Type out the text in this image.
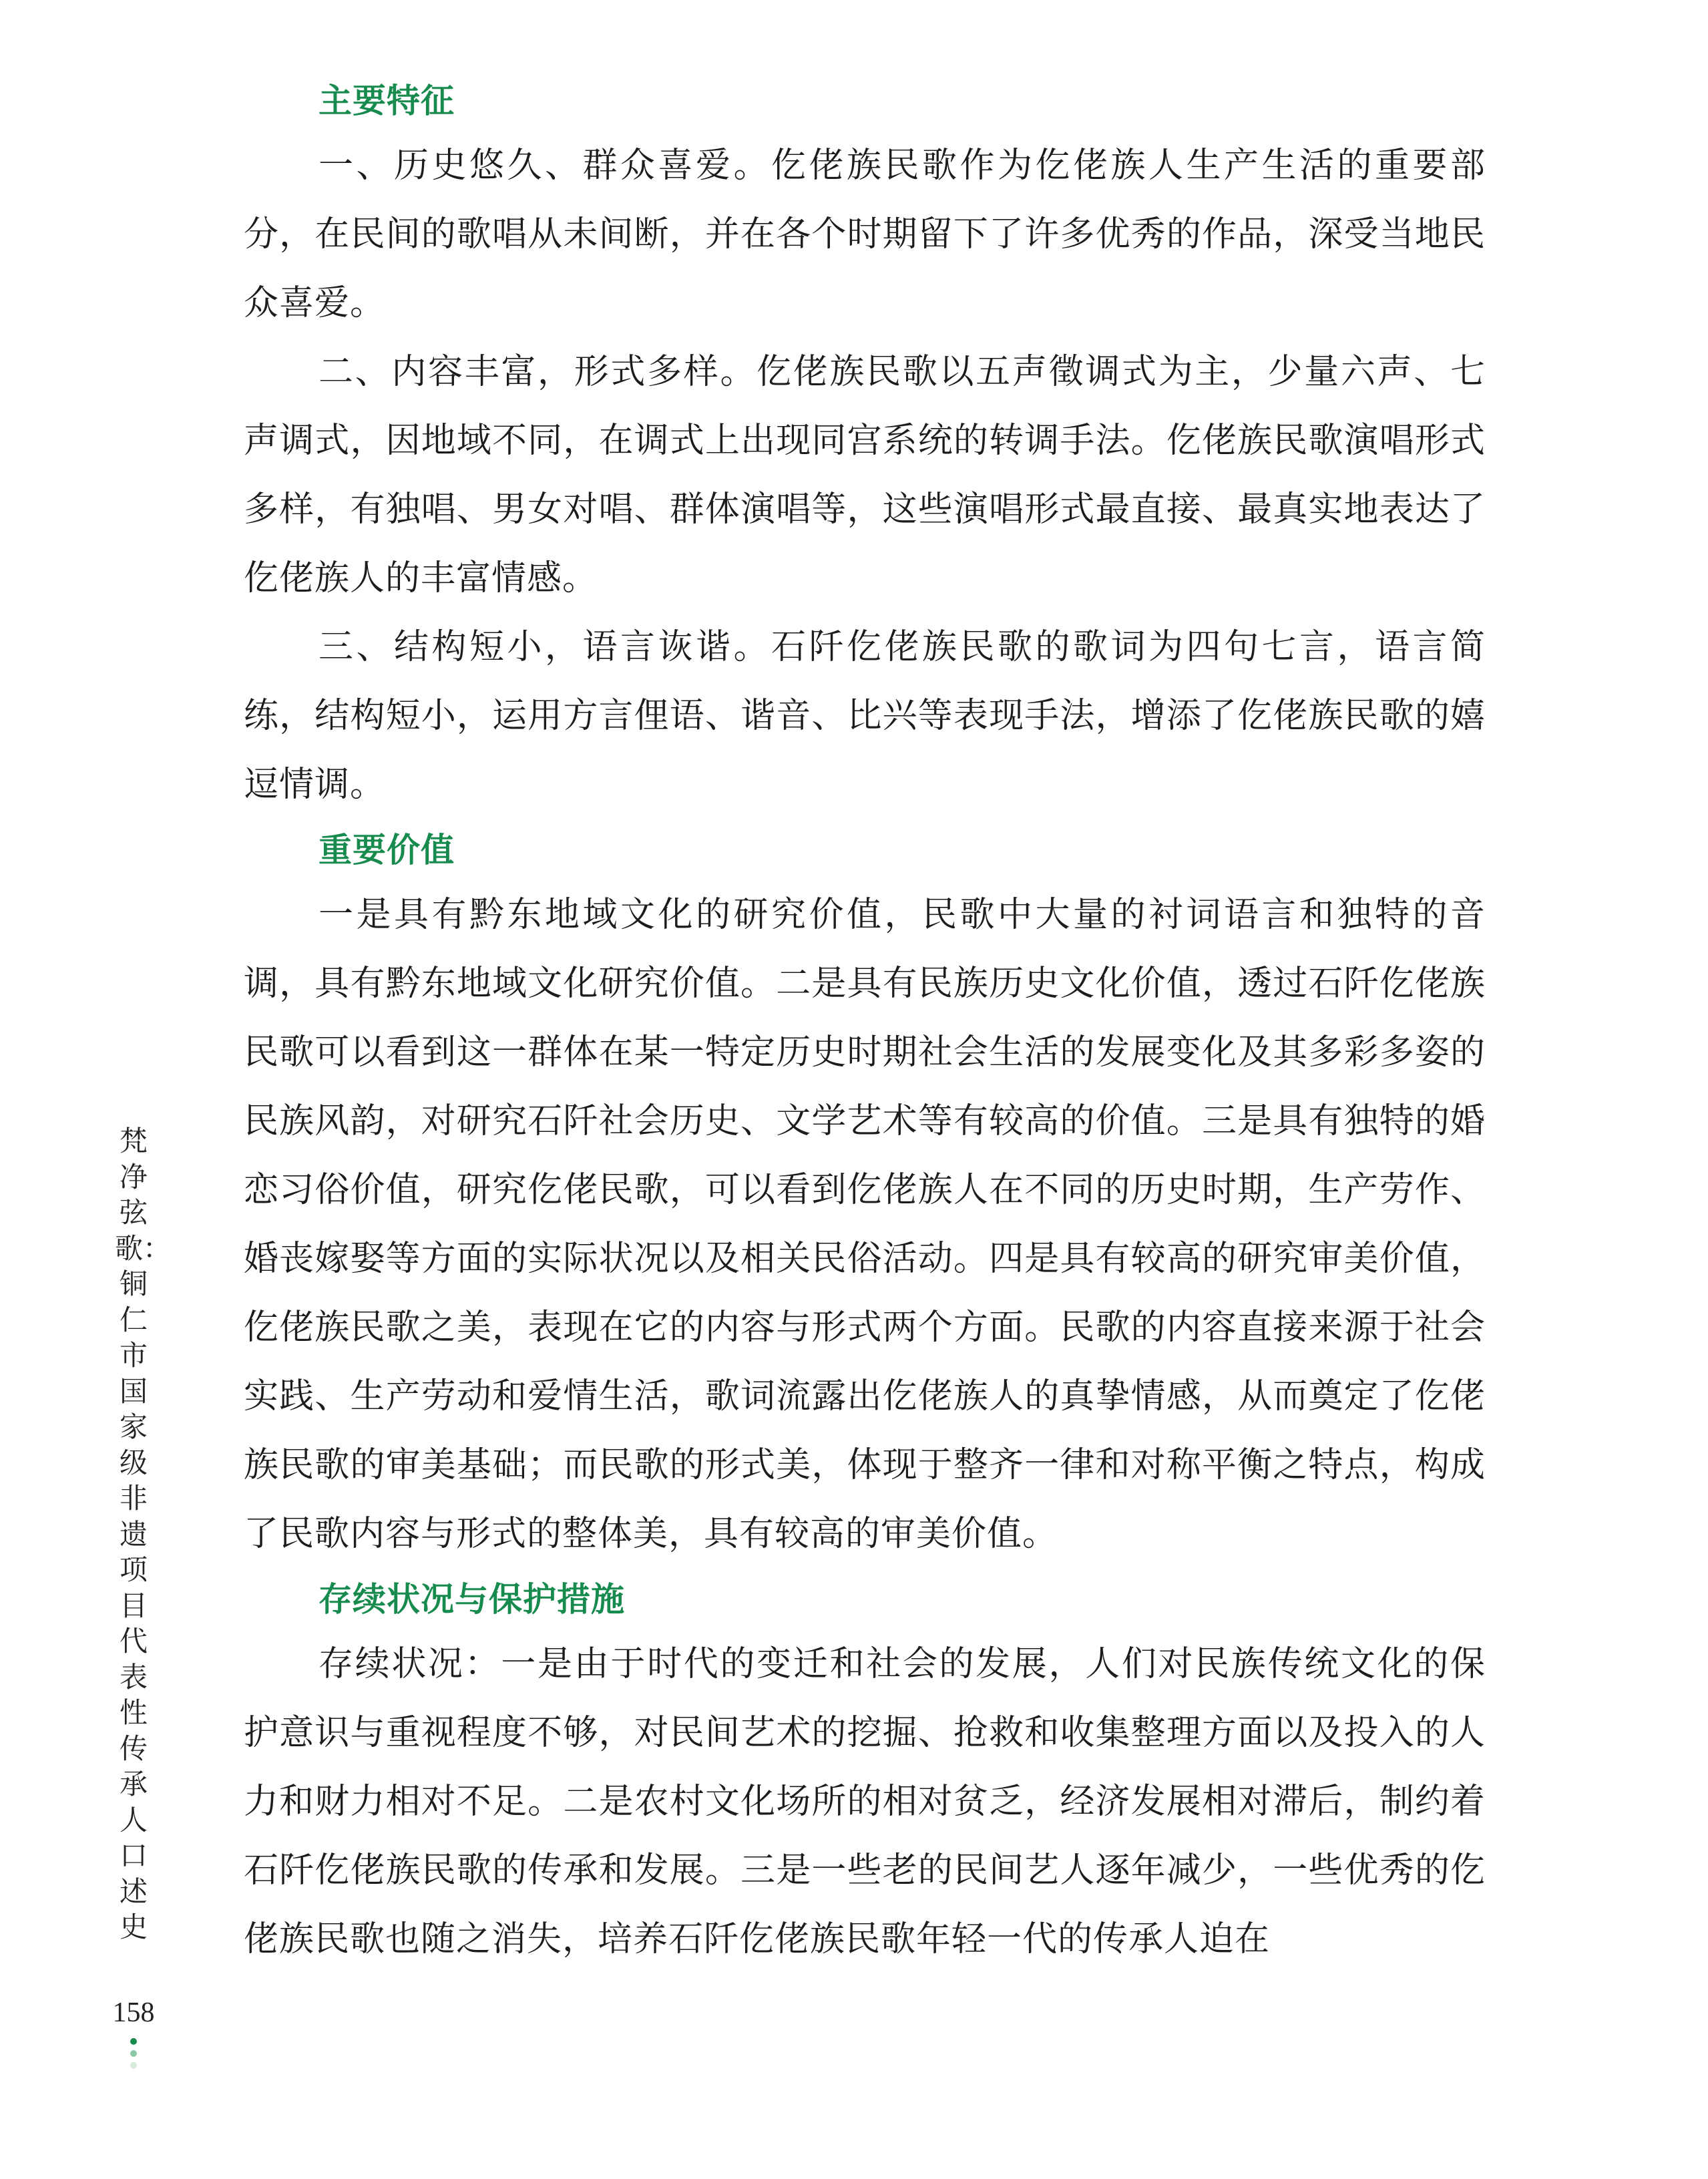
主要特征

一、历史悠久、群众喜爱。仡佬族民歌作为仡佬族人生产生活的重要部分，在民间的歌唱从未间断，并在各个时期留下了许多优秀的作品，深受当地民众喜爱。

二、内容丰富，形式多样。仡佬族民歌以五声徵调式为主，少量六声、七声调式，因地域不同，在调式上出现同宫系统的转调手法。仡佬族民歌演唱形式多样，有独唱、男女对唱、群体演唱等，这些演唱形式最直接、最真实地表达了仡佬族人的丰富情感。

三、结构短小，语言诙谐。石阡仡佬族民歌的歌词为四句七言，语言简练，结构短小，运用方言俚语、谐音、比兴等表现手法，增添了仡佬族民歌的嬉逗情调。

重要价值

一是具有黔东地域文化的研究价值，民歌中大量的衬词语言和独特的音调，具有黔东地域文化研究价值。二是具有民族历史文化价值，透过石阡仡佬族民歌可以看到这一群体在某一特定历史时期社会生活的发展变化及其多彩多姿的民族风韵，对研究石阡社会历史、文学艺术等有较高的价值。三是具有独特的婚恋习俗价值，研究仡佬民歌，可以看到仡佬族人在不同的历史时期，生产劳作、婚丧嫁娶等方面的实际状况以及相关民俗活动。四是具有较高的研究审美价值，仡佬族民歌之美，表现在它的内容与形式两个方面。民歌的内容直接来源于社会实践、生产劳动和爱情生活，歌词流露出仡佬族人的真挚情感，从而奠定了仡佬族民歌的审美基础；而民歌的形式美，体现于整齐一律和对称平衡之特点，构成了民歌内容与形式的整体美，具有较高的审美价值。

存续状况与保护措施

存续状况：一是由于时代的变迁和社会的发展，人们对民族传统文化的保护意识与重视程度不够，对民间艺术的挖掘、抢救和收集整理方面以及投入的人力和财力相对不足。二是农村文化场所的相对贫乏，经济发展相对滞后，制约着石阡仡佬族民歌的传承和发展。三是一些老的民间艺人逐年减少，一些优秀的仡佬族民歌也随之消失，培养石阡仡佬族民歌年轻一代的传承人迫在

梵净弦歌：铜仁市国家级非遗项目代表性传承人口述史
158
